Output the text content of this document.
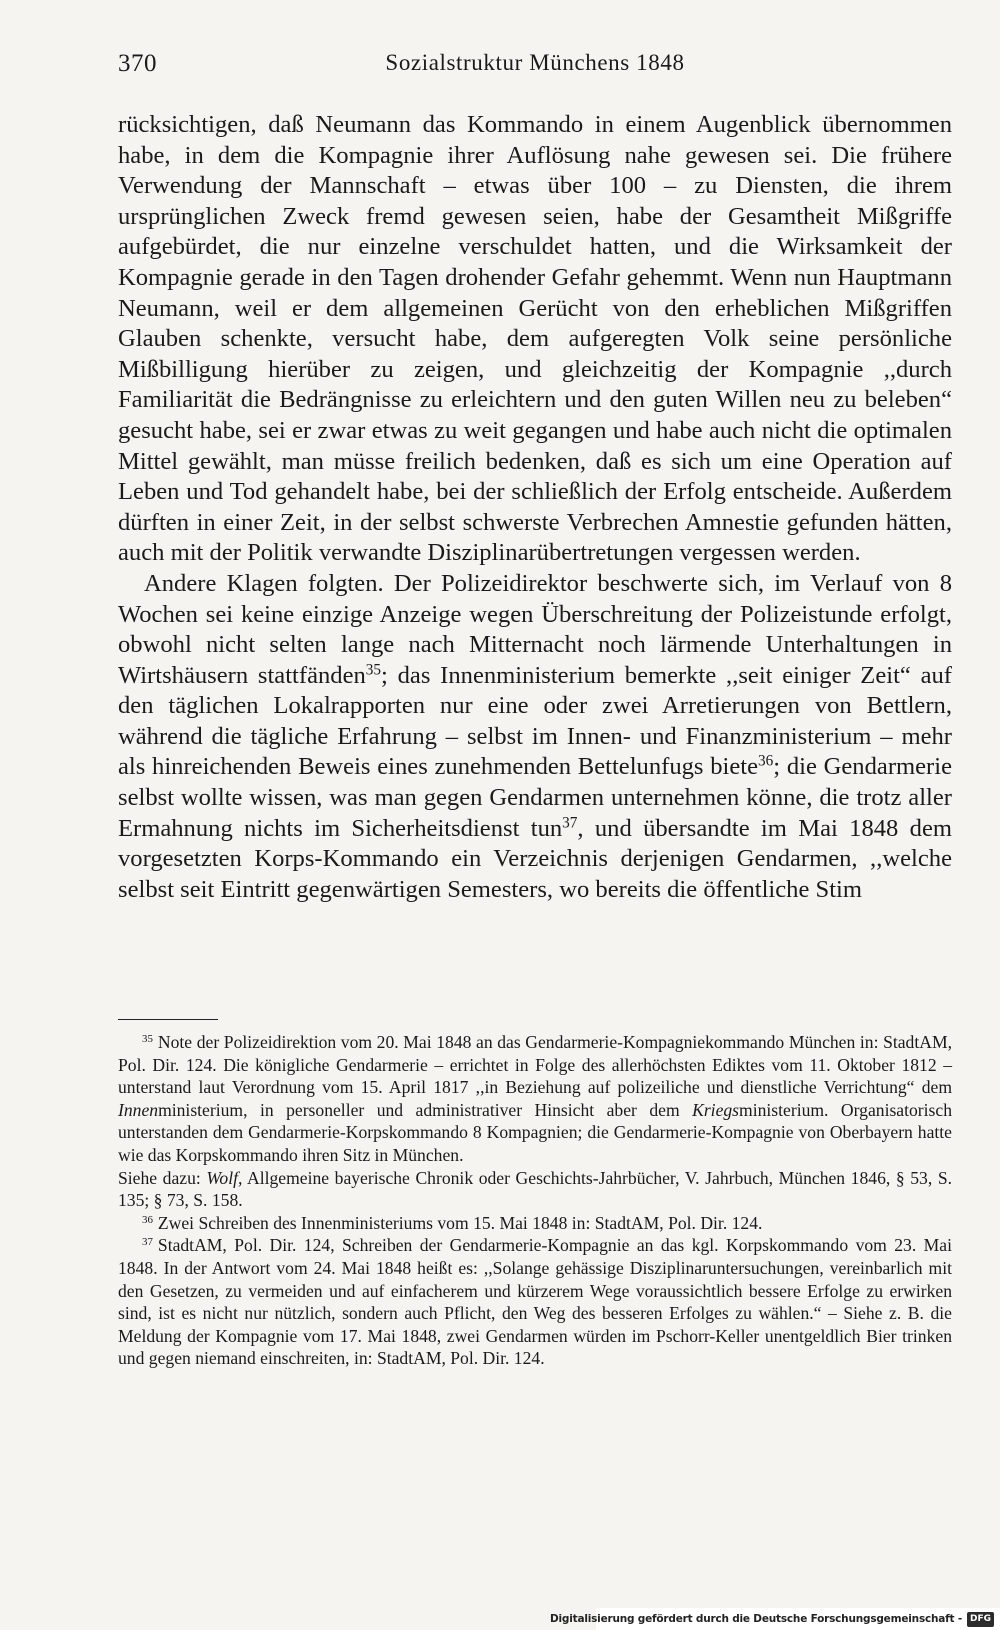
370	Sozialstruktur Münchens 1848

rücksichtigen, daß Neumann das Kommando in einem Augenblick übernommen habe, in dem die Kompagnie ihrer Auflösung nahe gewesen sei. Die frühere Verwendung der Mannschaft – etwas über 100 – zu Diensten, die ihrem ursprünglichen Zweck fremd gewesen seien, habe der Gesamtheit Mißgriffe aufgebürdet, die nur einzelne verschuldet hatten, und die Wirksamkeit der Kompagnie gerade in den Tagen drohender Gefahr gehemmt. Wenn nun Hauptmann Neumann, weil er dem allgemeinen Gerücht von den erheblichen Mißgriffen Glauben schenkte, versucht habe, dem aufgeregten Volk seine persönliche Mißbilligung hierüber zu zeigen, und gleichzeitig der Kompagnie ,,durch Familiarität die Bedrängnisse zu erleichtern und den guten Willen neu zu beleben“ gesucht habe, sei er zwar etwas zu weit gegangen und habe auch nicht die optimalen Mittel gewählt, man müsse freilich bedenken, daß es sich um eine Operation auf Leben und Tod gehandelt habe, bei der schließlich der Erfolg entscheide. Außerdem dürften in einer Zeit, in der selbst schwerste Verbrechen Amnestie gefunden hätten, auch mit der Politik verwandte Disziplinarübertretungen vergessen werden.

Andere Klagen folgten. Der Polizeidirektor beschwerte sich, im Verlauf von 8 Wochen sei keine einzige Anzeige wegen Überschreitung der Polizeistunde erfolgt, obwohl nicht selten lange nach Mitternacht noch lärmende Unterhaltungen in Wirtshäusern stattfänden$^{35}$; das Innenministerium bemerkte ,,seit einiger Zeit“ auf den täglichen Lokalrapporten nur eine oder zwei Arretierungen von Bettlern, während die tägliche Erfahrung – selbst im Innen- und Finanzministerium – mehr als hinreichenden Beweis eines zunehmenden Bettelunfugs biete$^{36}$; die Gendarmerie selbst wollte wissen, was man gegen Gendarmen unternehmen könne, die trotz aller Ermahnung nichts im Sicherheitsdienst tun$^{37}$, und übersandte im Mai 1848 dem vorgesetzten Korps-Kommando ein Verzeichnis derjenigen Gendarmen, ,,welche selbst seit Eintritt gegenwärtigen Semesters, wo bereits die öffentliche Stim

$^{35}$ Note der Polizeidirektion vom 20. Mai 1848 an das Gendarmerie-Kompagniekommando München in: StadtAM, Pol. Dir. 124. Die königliche Gendarmerie – errichtet in Folge des allerhöchsten Ediktes vom 11. Oktober 1812 – unterstand laut Verordnung vom 15. April 1817 ,,in Beziehung auf polizeiliche und dienstliche Verrichtung“ dem Innenministerium, in personeller und administrativer Hinsicht aber dem Kriegsministerium. Organisatorisch unterstanden dem Gendarmerie-Korpskommando 8 Kompagnien; die Gendarmerie-Kompagnie von Oberbayern hatte wie das Korpskommando ihren Sitz in München.

Siehe dazu: Wolf, Allgemeine bayerische Chronik oder Geschichts-Jahrbücher, V. Jahrbuch, München 1846, § 53, S. 135; § 73, S. 158.

$^{36}$ Zwei Schreiben des Innenministeriums vom 15. Mai 1848 in: StadtAM, Pol. Dir. 124.

$^{37}$ StadtAM, Pol. Dir. 124, Schreiben der Gendarmerie-Kompagnie an das kgl. Korpskommando vom 23. Mai 1848. In der Antwort vom 24. Mai 1848 heißt es: ,,Solange gehässige Disziplinaruntersuchungen, vereinbarlich mit den Gesetzen, zu vermeiden und auf einfacherem und kürzerem Wege voraussichtlich bessere Erfolge zu erwirken sind, ist es nicht nur nützlich, sondern auch Pflicht, den Weg des besseren Erfolges zu wählen.“ – Siehe z. B. die Meldung der Kompagnie vom 17. Mai 1848, zwei Gendarmen würden im Pschorr-Keller unentgeldlich Bier trinken und gegen niemand einschreiten, in: StadtAM, Pol. Dir. 124.

Digitalisierung gefördert durch die Deutsche Forschungsgemeinschaft - DFG
